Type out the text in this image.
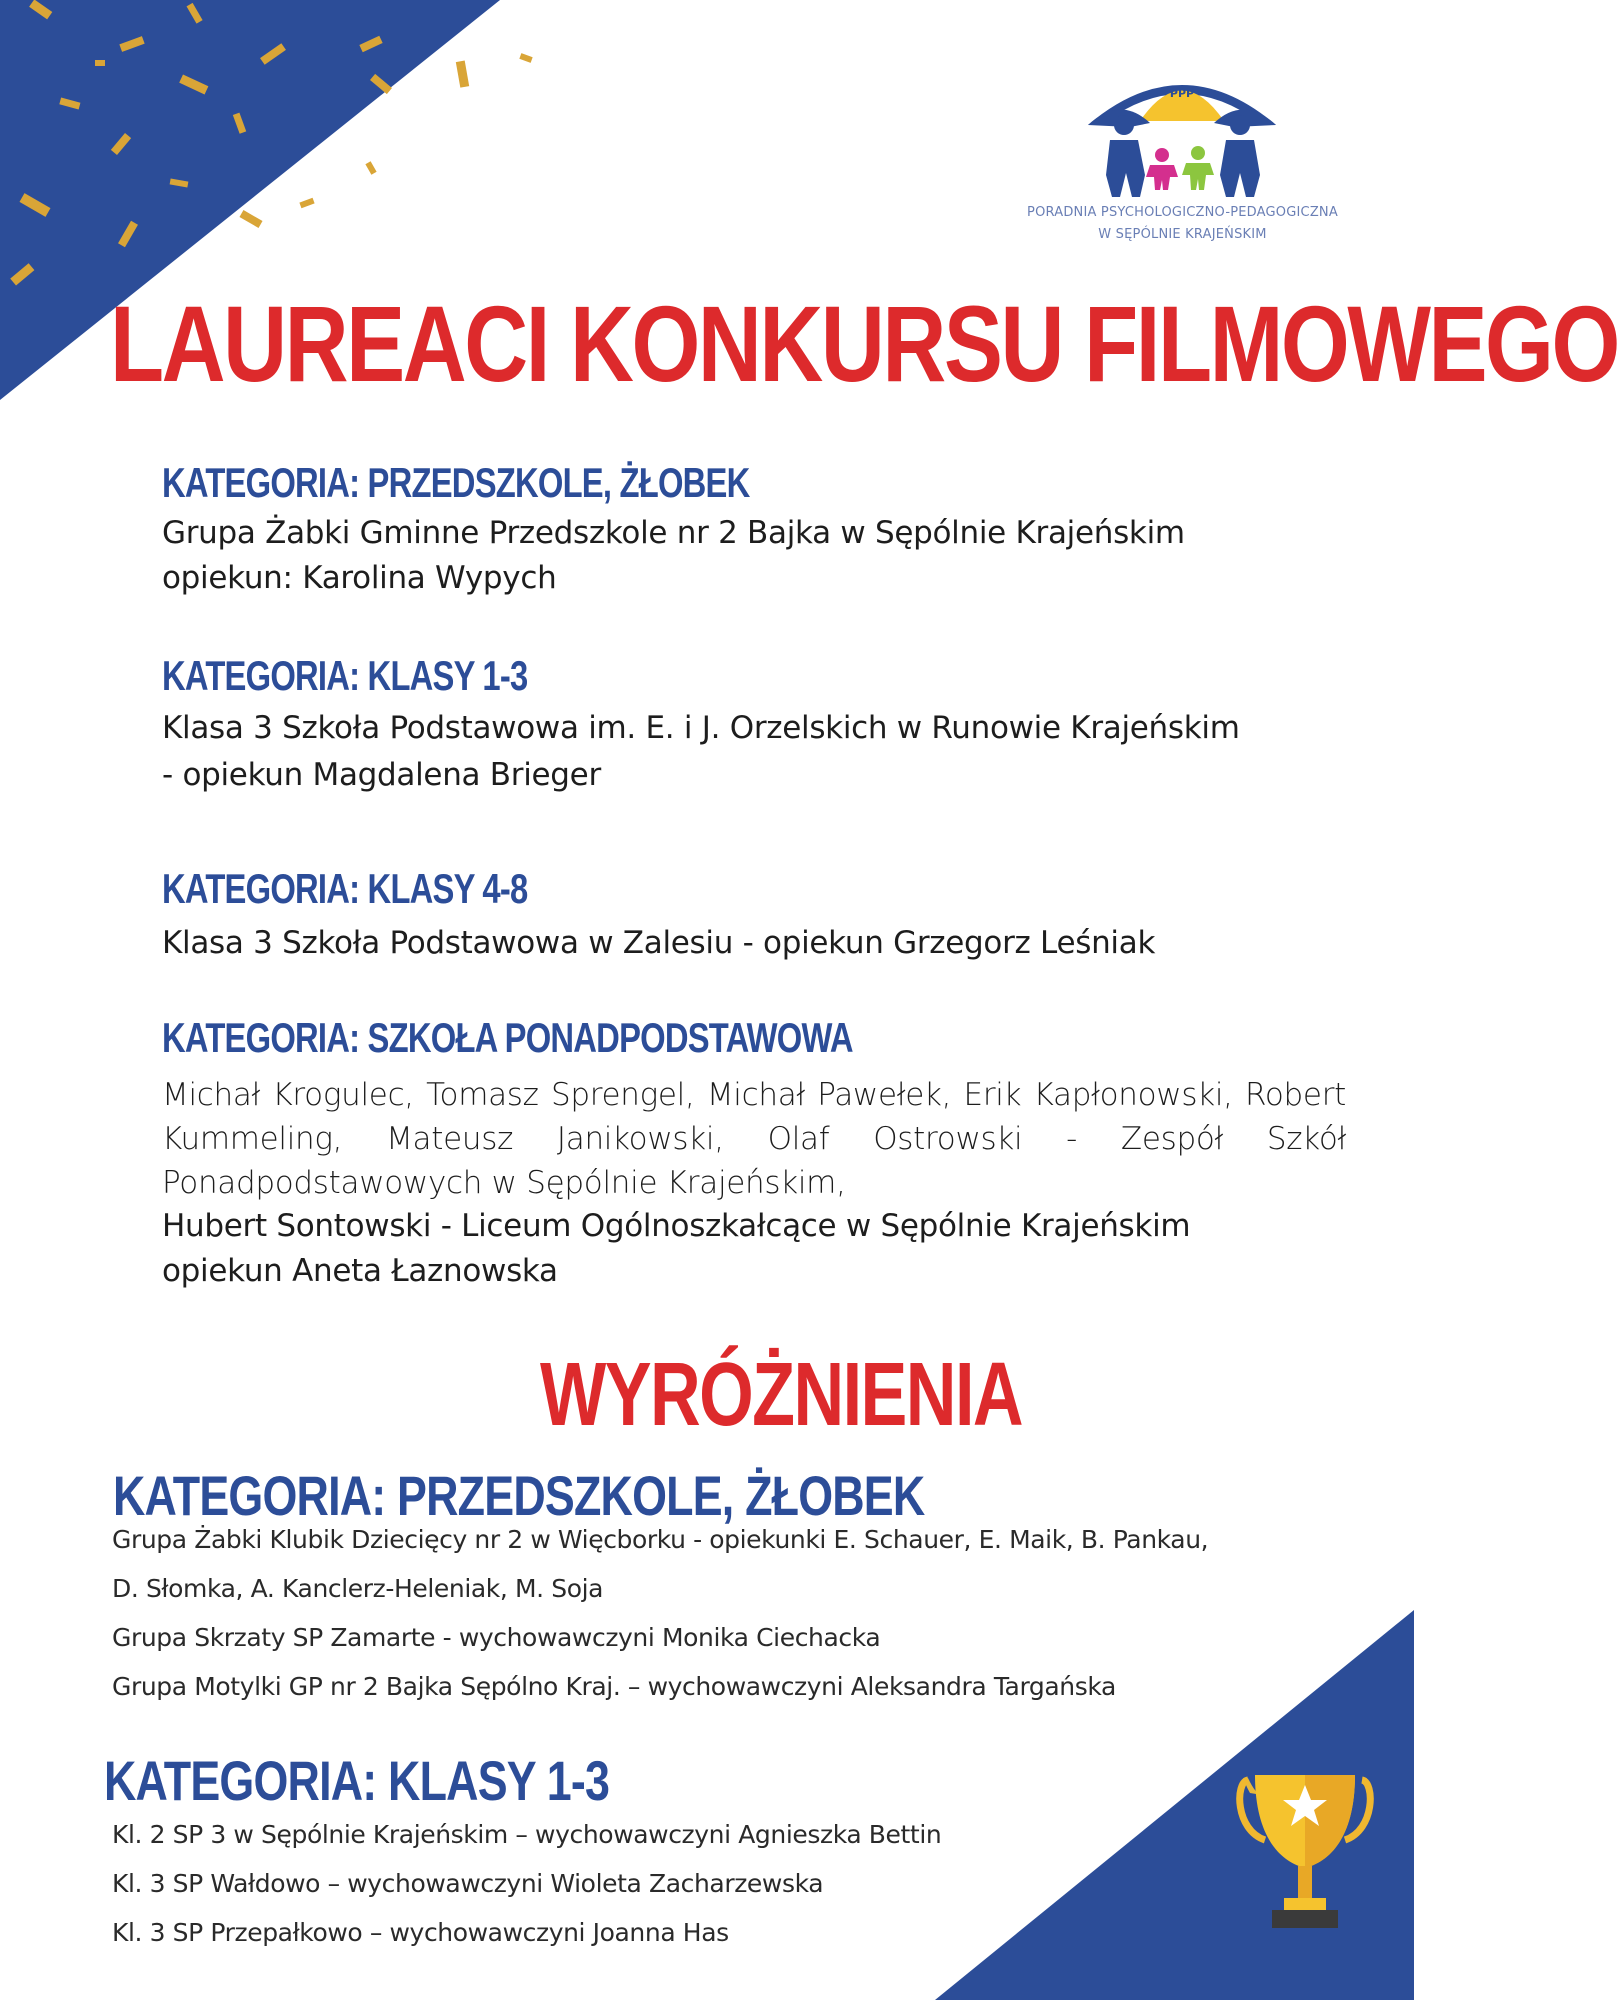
PPP
PORADNIA PSYCHOLOGICZNO-PEDAGOGICZNA
W SĘPÓLNIE KRAJEŃSKIM
LAUREACI KONKURSU FILMOWEGO
KATEGORIA: PRZEDSZKOLE, ŻŁOBEK
Grupa Żabki Gminne Przedszkole nr 2 Bajka w Sępólnie Krajeńskim
opiekun: Karolina Wypych
KATEGORIA: KLASY 1-3
Klasa 3 Szkoła Podstawowa im. E. i J. Orzelskich w Runowie Krajeńskim
- opiekun Magdalena Brieger
KATEGORIA: KLASY 4-8
Klasa 3 Szkoła Podstawowa w Zalesiu - opiekun Grzegorz Leśniak
KATEGORIA: SZKOŁA PONADPODSTAWOWA
Michał Krogulec, Tomasz Sprengel, Michał Pawełek, Erik Kapłonowski, Robert Kummeling, Mateusz Janikowski, Olaf Ostrowski - Zespół Szkół Ponadpodstawowych w Sępólnie Krajeńskim,
Hubert Sontowski - Liceum Ogólnoszkałcące w Sępólnie Krajeńskim
opiekun Aneta Łaznowska
WYRÓŻNIENIA
KATEGORIA: PRZEDSZKOLE, ŻŁOBEK
Grupa Żabki Klubik Dziecięcy nr 2 w Więcborku - opiekunki E. Schauer, E. Maik, B. Pankau,
D. Słomka, A. Kanclerz-Heleniak, M. Soja
Grupa Skrzaty SP Zamarte - wychowawczyni Monika Ciechacka
Grupa Motylki GP nr 2 Bajka Sępólno Kraj. – wychowawczyni Aleksandra Targańska
KATEGORIA: KLASY 1-3
Kl. 2 SP 3 w Sępólnie Krajeńskim – wychowawczyni Agnieszka Bettin
Kl. 3 SP Wałdowo – wychowawczyni Wioleta Zacharzewska
Kl. 3 SP Przepałkowo – wychowawczyni Joanna Has
